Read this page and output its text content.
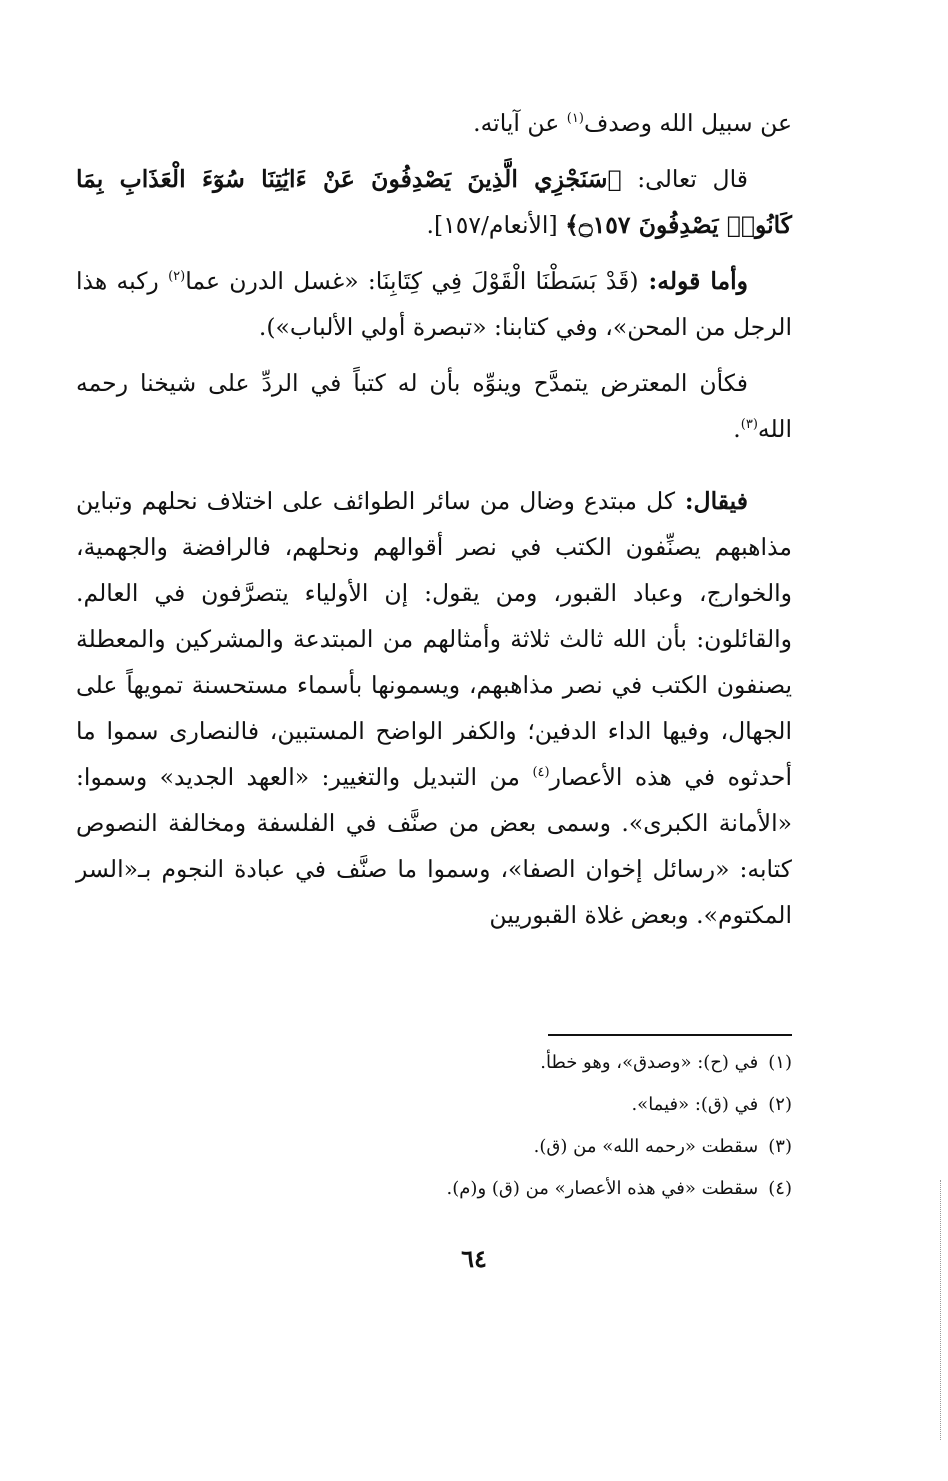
عن سبيل الله وصدف$^{(١)}$ عن آياته.

قال تعالى: ﴿سَنَجْزِي الَّذِينَ يَصْدِفُونَ عَنْ ءَايَٰتِنَا سُوٓءَ الْعَذَابِ بِمَا كَانُوا۟ يَصْدِفُونَ ۝١٥٧﴾ [الأنعام/١٥٧].

وأما قوله: (قَدْ بَسَطْنَا الْقَوْلَ فِي كِتَابِنَا: «غسل الدرن عما$^{(٢)}$ ركبه هذا الرجل من المحن»، وفي كتابنا: «تبصرة أولي الألباب»).

فكأن المعترض يتمدَّح وينوِّه بأن له كتباً في الردِّ على شيخنا رحمه الله$^{(٣)}$.

فيقال: كل مبتدع وضال من سائر الطوائف على اختلاف نحلهم وتباين مذاهبهم يصنِّفون الكتب في نصر أقوالهم ونحلهم، فالرافضة والجهمية، والخوارج، وعباد القبور، ومن يقول: إن الأولياء يتصرَّفون في العالم. والقائلون: بأن الله ثالث ثلاثة وأمثالهم من المبتدعة والمشركين والمعطلة يصنفون الكتب في نصر مذاهبهم، ويسمونها بأسماء مستحسنة تمويهاً على الجهال، وفيها الداء الدفين؛ والكفر الواضح المستبين، فالنصارى سموا ما أحدثوه في هذه الأعصار$^{(٤)}$ من التبديل والتغيير: «العهد الجديد» وسموا: «الأمانة الكبرى». وسمى بعض من صنَّف في الفلسفة ومخالفة النصوص كتابه: «رسائل إخوان الصفا»، وسموا ما صنَّف في عبادة النجوم بـ«السر المكتوم». وبعض غلاة القبوريين

(١)في (ح): «وصدق»، وهو خطأ.
(٢)في (ق): «فيما».
(٣)سقطت «رحمه الله» من (ق).
(٤)سقطت «في هذه الأعصار» من (ق) و(م).
٦٤
